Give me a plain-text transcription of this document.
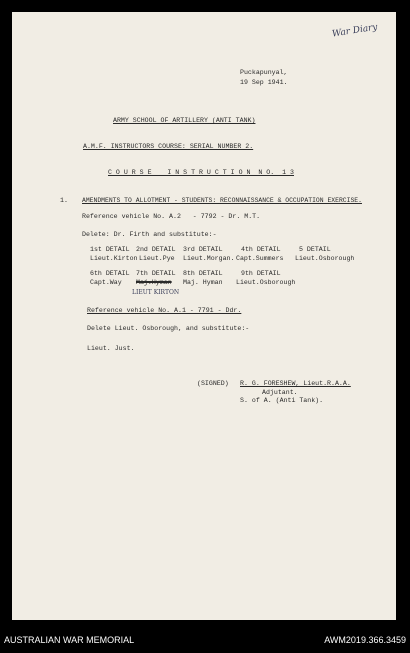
War Diary
Puckapunyal,
19 Sep 1941.
ARMY SCHOOL OF ARTILLERY (ANTI TANK)
A.M.F. INSTRUCTORS COURSE: SERIAL NUMBER 2.
C O U R S E    I N S T R U C T I O N  N O.  1 3
1. AMENDMENTS TO ALLOTMENT - STUDENTS: RECONNAISSANCE & OCCUPATION EXERCISE.
Reference vehicle No. A.2   - 7792 - Dr. M.T.
Delete: Dr. Firth and substitute:-
1st DETAIL 2nd DETAIL 3rd DETAIL	4th DETAIL	5 DETAIL
Lieut.Kirton Lieut.Pye Lieut.Morgan. Capt.Summers Lieut.Osborough
6th DETAIL 7th DETAIL 8th DETAIL	9th DETAIL
Capt.Way Maj.Hyman Maj. Hyman Lieut.Osborough
LIEUT KIRTON
Reference vehicle No. A.1 - 7791 - Ddr.
Delete Lieut. Osborough, and substitute:-
Lieut. Just.
(SIGNED) R. G. FORESHEW, Lieut.R.A.A.
Adjutant.
S. of A. (Anti Tank).
AUSTRALIAN WAR MEMORIAL	AWM2019.366.3459
